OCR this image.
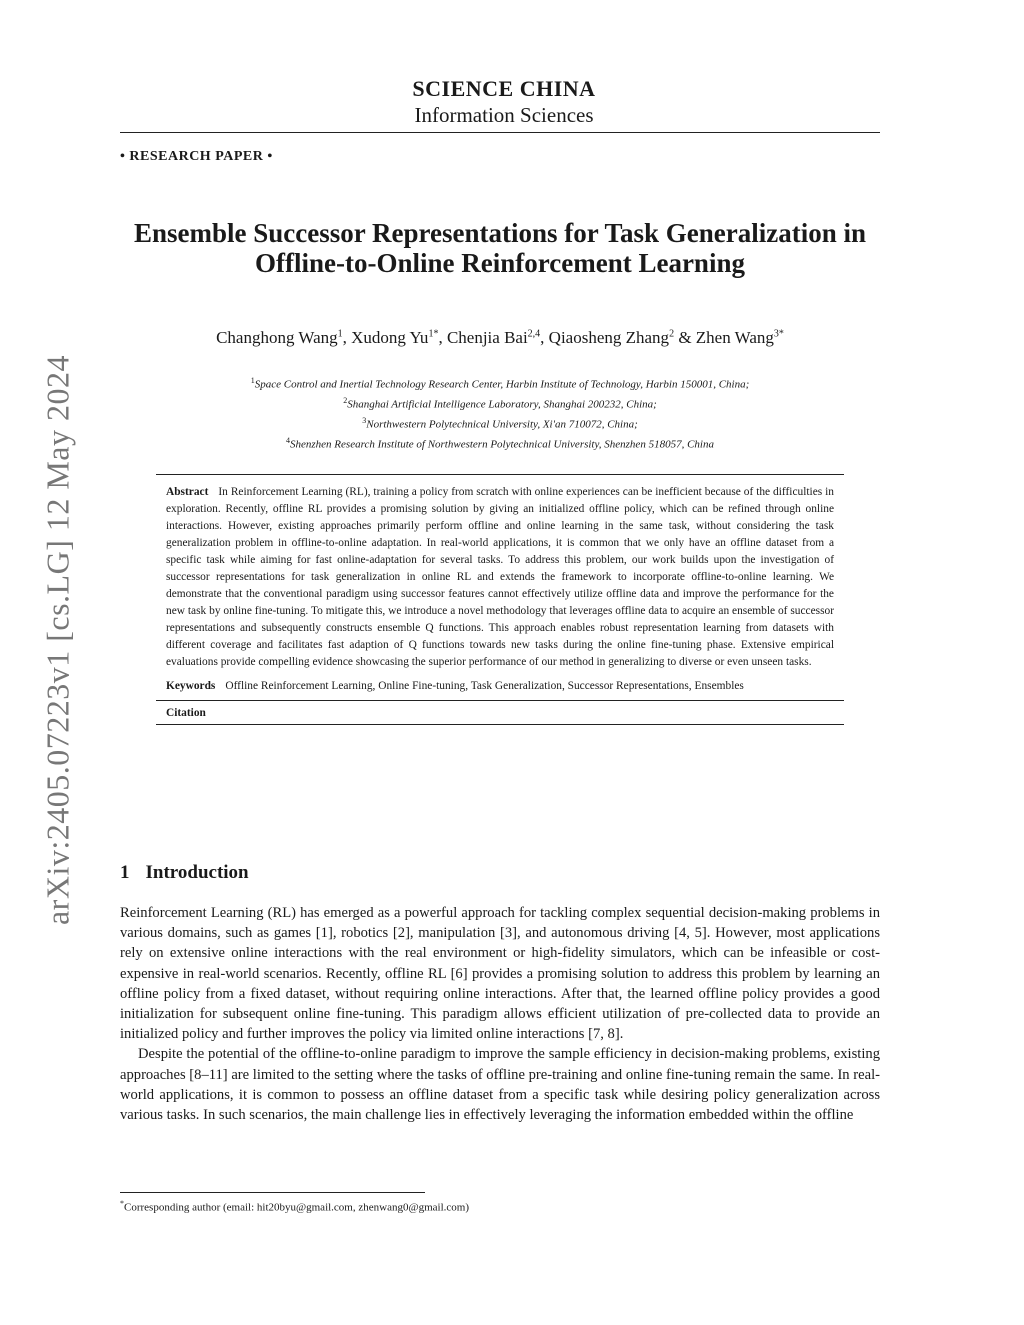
arXiv:2405.07223v1 [cs.LG] 12 May 2024
SCIENCE CHINA
Information Sciences
• RESEARCH PAPER •
Ensemble Successor Representations for Task Generalization in Offline-to-Online Reinforcement Learning
Changhong Wang$^1$, Xudong $Yu^{1*}$, Chenjia Bai$^{2,4}$, Qiaosheng Zhang$^2$ & Zhen Wang$^{3*}$
$^1$Space Control and Inertial Technology Research Center, Harbin Institute of Technology, Harbin 150001, China;
$^2$Shanghai Artificial Intelligence Laboratory, Shanghai 200232, China;
$^3$Northwestern Polytechnical University, Xi'an 710072, China;
$^4$Shenzhen Research Institute of Northwestern Polytechnical University, Shenzhen 518057, China
Abstract In Reinforcement Learning (RL), training a policy from scratch with online experiences can be inefficient because of the difficulties in exploration. Recently, offline RL provides a promising solution by giving an initialized offline policy, which can be refined through online interactions. However, existing approaches primarily perform offline and online learning in the same task, without considering the task generalization problem in offline-to-online adaptation. In real-world applications, it is common that we only have an offline dataset from a specific task while aiming for fast online-adaptation for several tasks. To address this problem, our work builds upon the investigation of successor representations for task generalization in online RL and extends the framework to incorporate offline-to-online learning. We demonstrate that the conventional paradigm using successor features cannot effectively utilize offline data and improve the performance for the new task by online fine-tuning. To mitigate this, we introduce a novel methodology that leverages offline data to acquire an ensemble of successor representations and subsequently constructs ensemble Q functions. This approach enables robust representation learning from datasets with different coverage and facilitates fast adaption of Q functions towards new tasks during the online fine-tuning phase. Extensive empirical evaluations provide compelling evidence showcasing the superior performance of our method in generalizing to diverse or even unseen tasks.
Keywords Offline Reinforcement Learning, Online Fine-tuning, Task Generalization, Successor Representations, Ensembles
Citation
1 Introduction

Reinforcement Learning (RL) has emerged as a powerful approach for tackling complex sequential decision-making problems in various domains, such as games [1], robotics [2], manipulation [3], and autonomous driving [4, 5]. However, most applications rely on extensive online interactions with the real environment or high-fidelity simulators, which can be infeasible or cost-expensive in real-world scenarios. Recently, offline RL [6] provides a promising solution to address this problem by learning an offline policy from a fixed dataset, without requiring online interactions. After that, the learned offline policy provides a good initialization for subsequent online fine-tuning. This paradigm allows efficient utilization of pre-collected data to provide an initialized policy and further improves the policy via limited online interactions [7, 8].

Despite the potential of the offline-to-online paradigm to improve the sample efficiency in decision-making problems, existing approaches [8–11] are limited to the setting where the tasks of offline pre-training and online fine-tuning remain the same. In real-world applications, it is common to possess an offline dataset from a specific task while desiring policy generalization across various tasks. In such scenarios, the main challenge lies in effectively leveraging the information embedded within the offline

*Corresponding author (email: hit20byu@gmail.com, zhenwang0@gmail.com)
